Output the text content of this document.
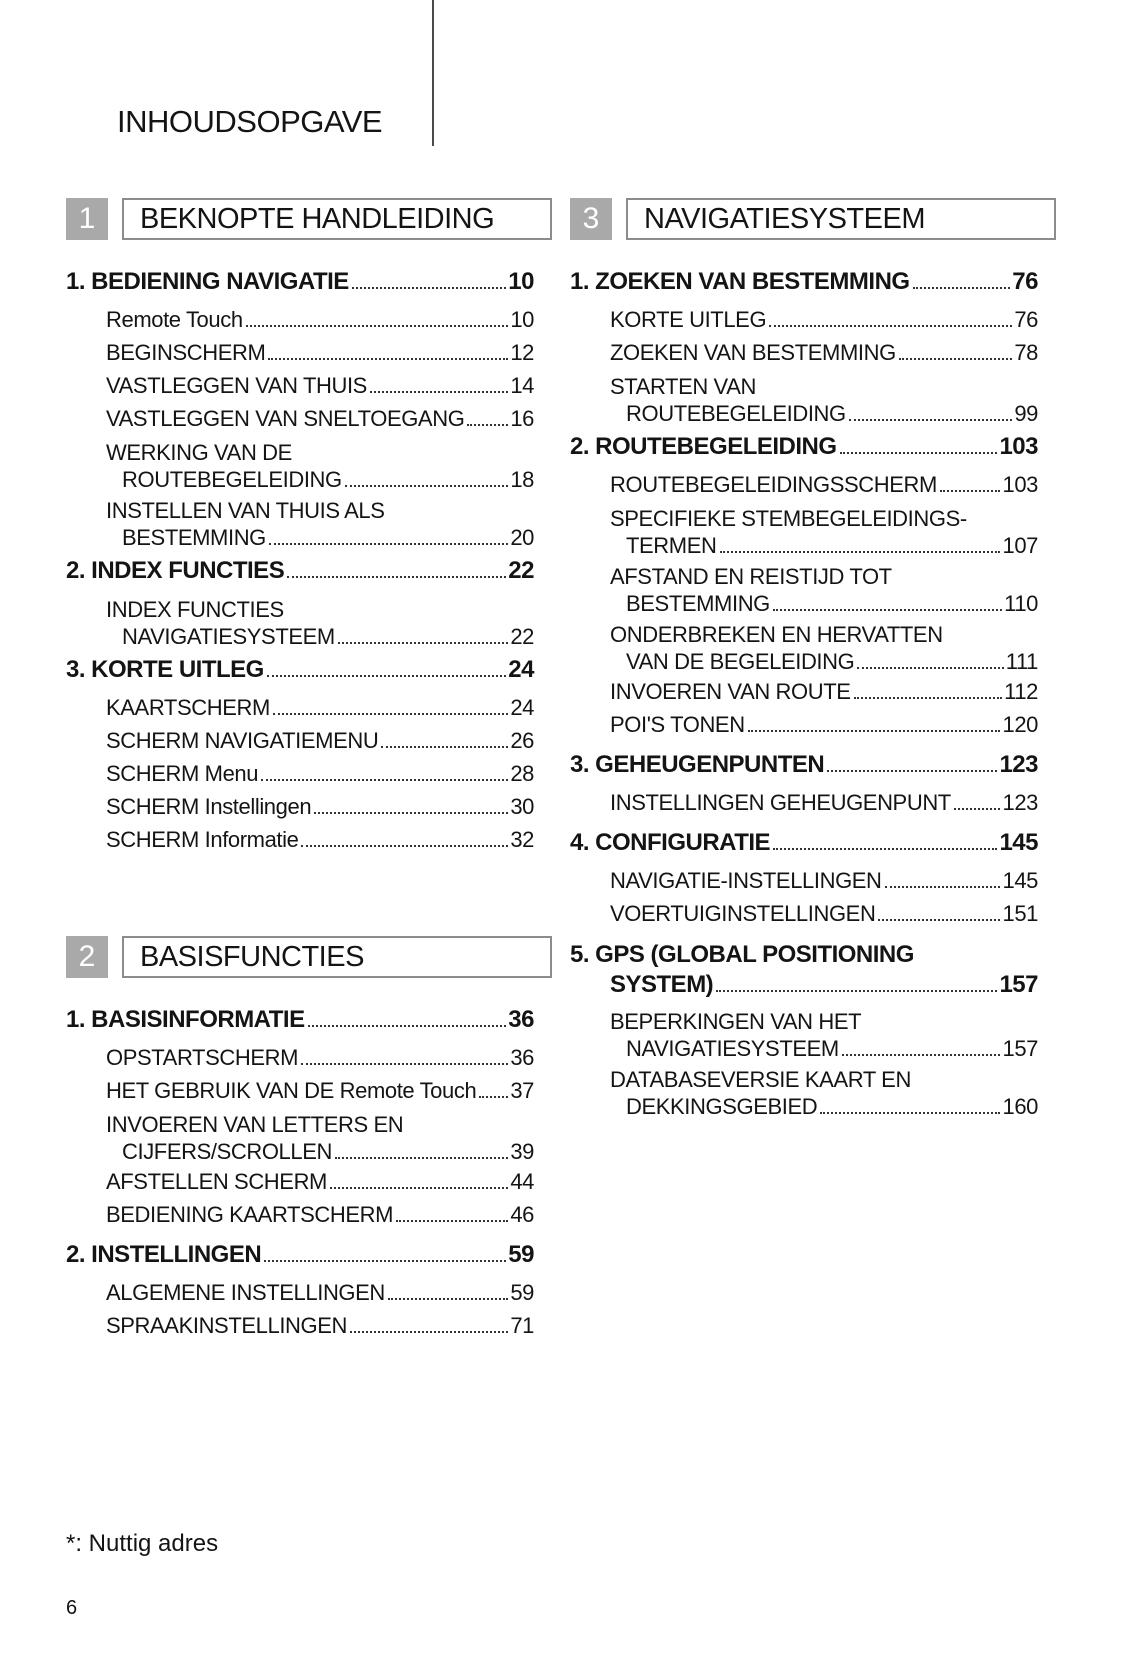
INHOUDSOPGAVE
1	BEKNOPTE HANDLEIDING
1. BEDIENING NAVIGATIE	10
Remote Touch	10
BEGINSCHERM	12
VASTLEGGEN VAN THUIS	14
VASTLEGGEN VAN SNELTOEGANG 16
WERKING VAN DE
ROUTEBEGELEIDING	18
INSTELLEN VAN THUIS ALS
BESTEMMING	20
2. INDEX FUNCTIES	22
INDEX FUNCTIES
NAVIGATIESYSTEEM	22
3. KORTE UITLEG	24
KAARTSCHERM	24
SCHERM NAVIGATIEMENU	26
SCHERM Menu	28
SCHERM Instellingen	30
SCHERM Informatie	32
2	BASISFUNCTIES
1. BASISINFORMATIE	36
OPSTARTSCHERM	36
HET GEBRUIK VAN DE Remote Touch 37
INVOEREN VAN LETTERS EN
CIJFERS/SCROLLEN	39
AFSTELLEN SCHERM	44
BEDIENING KAARTSCHERM	46
2. INSTELLINGEN	59
ALGEMENE INSTELLINGEN	59
SPRAAKINSTELLINGEN	71
3	NAVIGATIESYSTEEM
1. ZOEKEN VAN BESTEMMING	76
KORTE UITLEG	76
ZOEKEN VAN BESTEMMING	78
STARTEN VAN
ROUTEBEGELEIDING	99
2. ROUTEBEGELEIDING	103
ROUTEBEGELEIDINGSSCHERM	103
SPECIFIEKE STEMBEGELEIDINGS-
TERMEN	107
AFSTAND EN REISTIJD TOT
BESTEMMING	110
ONDERBREKEN EN HERVATTEN
VAN DE BEGELEIDING	111
INVOEREN VAN ROUTE	112
POI'S TONEN	120
3. GEHEUGENPUNTEN	123
INSTELLINGEN GEHEUGENPUNT 123
4. CONFIGURATIE	145
NAVIGATIE-INSTELLINGEN	145
VOERTUIGINSTELLINGEN	151
5. GPS (GLOBAL POSITIONING
SYSTEM)	157
BEPERKINGEN VAN HET
NAVIGATIESYSTEEM	157
DATABASEVERSIE KAART EN
DEKKINGSGEBIED	160
*: Nuttig adres
6
